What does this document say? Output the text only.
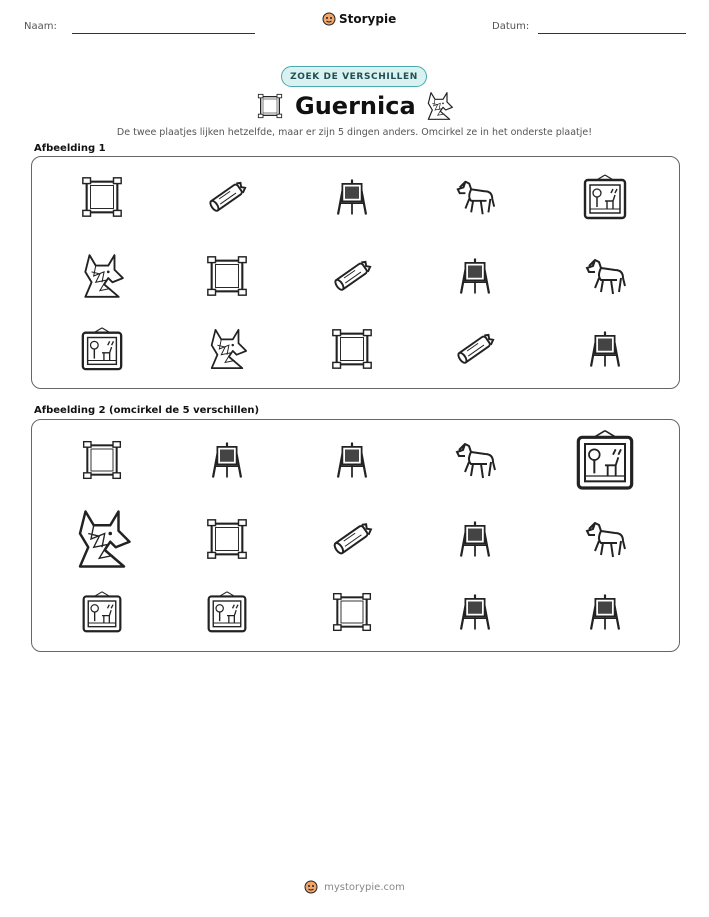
Naam:
Storypie
Datum:
ZOEK DE VERSCHILLEN
Guernica
De twee plaatjes lijken hetzelfde, maar er zijn 5 dingen anders. Omcirkel ze in het onderste plaatje!
Afbeelding 1
Afbeelding 2 (omcirkel de 5 verschillen)
mystorypie.com
